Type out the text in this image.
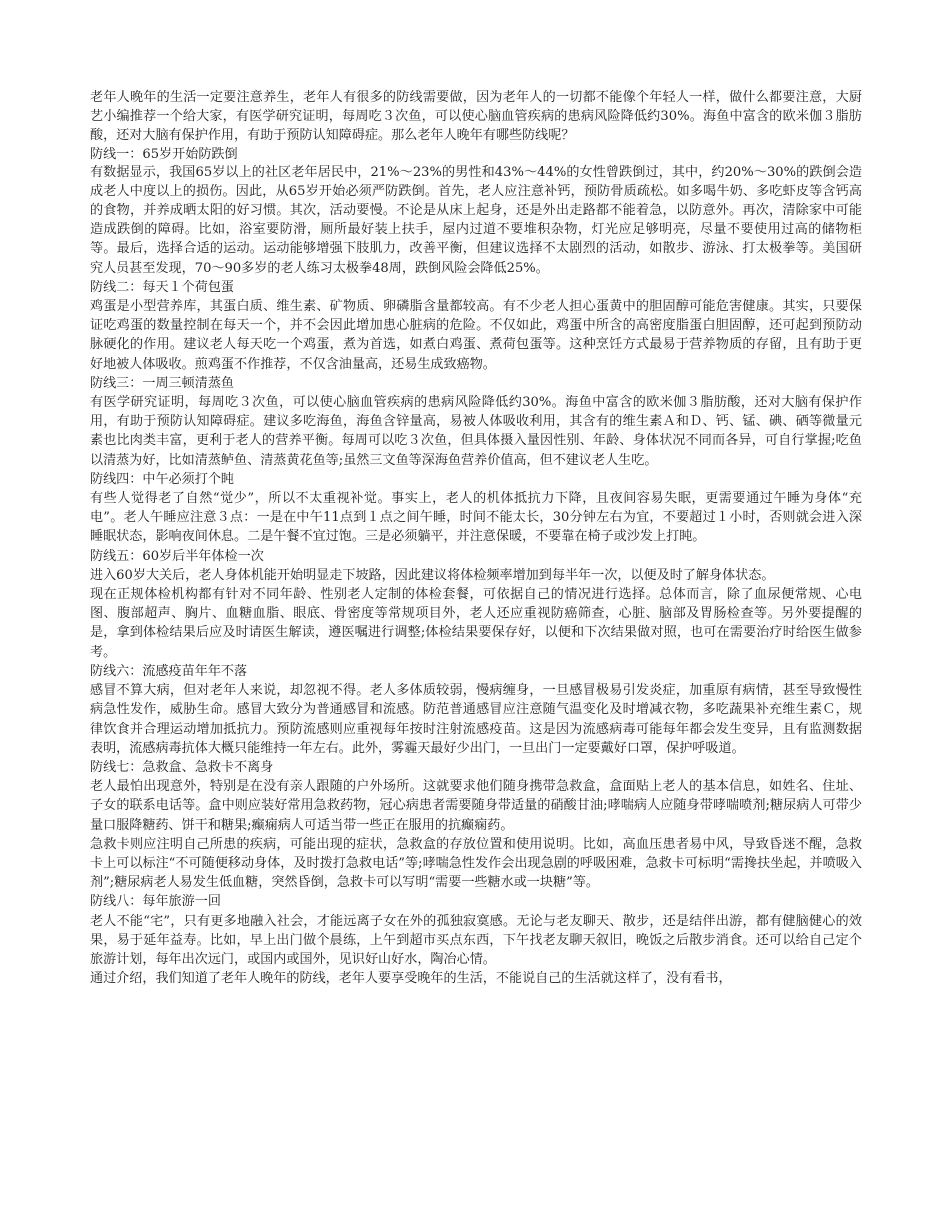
老年人晚年的生活一定要注意养生，老年人有很多的防线需要做，因为老年人的一切都不能像个年轻人一样，做什么都要注意，大厨艺小编推荐一个给大家，有医学研究证明，每周吃３次鱼，可以使心脑血管疾病的患病风险降低约30%。海鱼中富含的欧米伽３脂肪酸，还对大脑有保护作用，有助于预防认知障碍症。那么老年人晚年有哪些防线呢？

防线一：65岁开始防跌倒

有数据显示，我国65岁以上的社区老年居民中，21%～23%的男性和43%～44%的女性曾跌倒过，其中，约20%～30%的跌倒会造成老人中度以上的损伤。因此，从65岁开始必须严防跌倒。首先，老人应注意补钙，预防骨质疏松。如多喝牛奶、多吃虾皮等含钙高的食物，并养成晒太阳的好习惯。其次，活动要慢。不论是从床上起身，还是外出走路都不能着急，以防意外。再次，清除家中可能造成跌倒的障碍。比如，浴室要防滑，厕所最好装上扶手，屋内过道不要堆积杂物，灯光应足够明亮，尽量不要使用过高的储物柜等。最后，选择合适的运动。运动能够增强下肢肌力，改善平衡，但建议选择不太剧烈的活动，如散步、游泳、打太极拳等。美国研究人员甚至发现，70～90多岁的老人练习太极拳48周，跌倒风险会降低25%。

防线二：每天１个荷包蛋

鸡蛋是小型营养库，其蛋白质、维生素、矿物质、卵磷脂含量都较高。有不少老人担心蛋黄中的胆固醇可能危害健康。其实，只要保证吃鸡蛋的数量控制在每天一个，并不会因此增加患心脏病的危险。不仅如此，鸡蛋中所含的高密度脂蛋白胆固醇，还可起到预防动脉硬化的作用。建议老人每天吃一个鸡蛋，煮为首选，如煮白鸡蛋、煮荷包蛋等。这种烹饪方式最易于营养物质的存留，且有助于更好地被人体吸收。煎鸡蛋不作推荐，不仅含油量高，还易生成致癌物。

防线三：一周三顿清蒸鱼

有医学研究证明，每周吃３次鱼，可以使心脑血管疾病的患病风险降低约30%。海鱼中富含的欧米伽３脂肪酸，还对大脑有保护作用，有助于预防认知障碍症。建议多吃海鱼，海鱼含锌量高，易被人体吸收利用，其含有的维生素Ａ和Ｄ、钙、锰、碘、硒等微量元素也比肉类丰富，更利于老人的营养平衡。每周可以吃３次鱼，但具体摄入量因性别、年龄、身体状况不同而各异，可自行掌握;吃鱼以清蒸为好，比如清蒸鲈鱼、清蒸黄花鱼等;虽然三文鱼等深海鱼营养价值高，但不建议老人生吃。

防线四：中午必须打个盹

有些人觉得老了自然“觉少”，所以不太重视补觉。事实上，老人的机体抵抗力下降，且夜间容易失眠，更需要通过午睡为身体“充电”。老人午睡应注意３点：一是在中午11点到１点之间午睡，时间不能太长，30分钟左右为宜，不要超过１小时，否则就会进入深睡眠状态，影响夜间休息。二是午餐不宜过饱。三是必须躺平，并注意保暖，不要靠在椅子或沙发上打盹。

防线五：60岁后半年体检一次

进入60岁大关后，老人身体机能开始明显走下坡路，因此建议将体检频率增加到每半年一次，以便及时了解身体状态。

现在正规体检机构都有针对不同年龄、性别老人定制的体检套餐，可依据自己的情况进行选择。总体而言，除了血尿便常规、心电图、腹部超声、胸片、血糖血脂、眼底、骨密度等常规项目外，老人还应重视防癌筛查，心脏、脑部及胃肠检查等。另外要提醒的是，拿到体检结果后应及时请医生解读，遵医嘱进行调整;体检结果要保存好，以便和下次结果做对照，也可在需要治疗时给医生做参考。

防线六：流感疫苗年年不落

感冒不算大病，但对老年人来说，却忽视不得。老人多体质较弱，慢病缠身，一旦感冒极易引发炎症，加重原有病情，甚至导致慢性病急性发作，威胁生命。感冒大致分为普通感冒和流感。防范普通感冒应注意随气温变化及时增减衣物，多吃蔬果补充维生素Ｃ，规律饮食并合理运动增加抵抗力。预防流感则应重视每年按时注射流感疫苗。这是因为流感病毒可能每年都会发生变异，且有监测数据表明，流感病毒抗体大概只能维持一年左右。此外，雾霾天最好少出门，一旦出门一定要戴好口罩，保护呼吸道。

防线七：急救盒、急救卡不离身

老人最怕出现意外，特别是在没有亲人跟随的户外场所。这就要求他们随身携带急救盒，盒面贴上老人的基本信息，如姓名、住址、子女的联系电话等。盒中则应装好常用急救药物，冠心病患者需要随身带适量的硝酸甘油;哮喘病人应随身带哮喘喷剂;糖尿病人可带少量口服降糖药、饼干和糖果;癫痫病人可适当带一些正在服用的抗癫痫药。

急救卡则应注明自己所患的疾病，可能出现的症状，急救盒的存放位置和使用说明。比如，高血压患者易中风，导致昏迷不醒，急救卡上可以标注“不可随便移动身体，及时拨打急救电话”等;哮喘急性发作会出现急剧的呼吸困难，急救卡可标明“需搀扶坐起，并喷吸入剂”;糖尿病老人易发生低血糖，突然昏倒，急救卡可以写明“需要一些糖水或一块糖”等。

防线八：每年旅游一回

老人不能“宅”，只有更多地融入社会，才能远离子女在外的孤独寂寞感。无论与老友聊天、散步，还是结伴出游，都有健脑健心的效果，易于延年益寿。比如，早上出门做个晨练，上午到超市买点东西，下午找老友聊天叙旧，晚饭之后散步消食。还可以给自己定个旅游计划，每年出次远门，或国内或国外，见识好山好水，陶冶心情。

通过介绍，我们知道了老年人晚年的防线，老年人要享受晚年的生活，不能说自己的生活就这样了，没有看书，
